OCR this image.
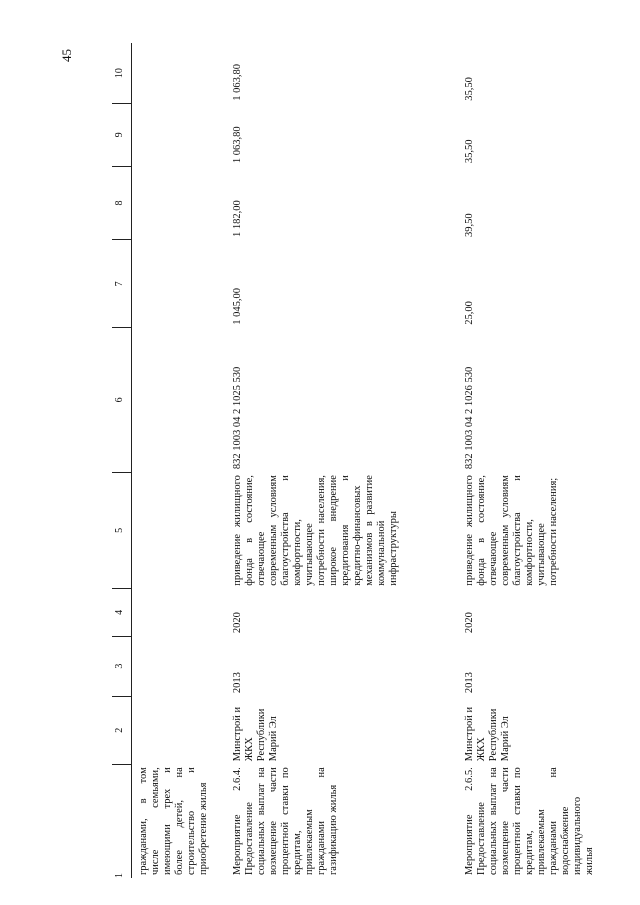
45
1	2	3	4	5	6	7	8	9	10
гражданами, в том числе семьями, имеющими трех и более детей, на строительство и приобретение жилья									
Мероприятие 2.6.4. Предоставление социальных выплат на возмещение части процентной ставки по кредитам, привлекаемым гражданами на газификацию жилья	Минстрой и ЖКХ Республики Марий Эл	2013	2020	приведение жилищного фонда в состояние, отвечающее современным условиям благоустройства и комфортности, учитывающее потребности населения, широкое внедрение кредитования и кредитно-финансовых механизмов в развитие коммунальной инфраструктуры	832 1003 04 2 1025 530	1 045,00	1 182,00	1 063,80	1 063,80
Мероприятие 2.6.5. Предоставление социальных выплат на возмещение части процентной ставки по кредитам, привлекаемым гражданами на водоснабжение индивидуального жилья	Минстрой и ЖКХ Республики Марий Эл	2013	2020	приведение жилищного фонда в состояние, отвечающее современным условиям благоустройства и комфортности, учитывающее потребности населения;	832 1003 04 2 1026 530	25,00	39,50	35,50	35,50
